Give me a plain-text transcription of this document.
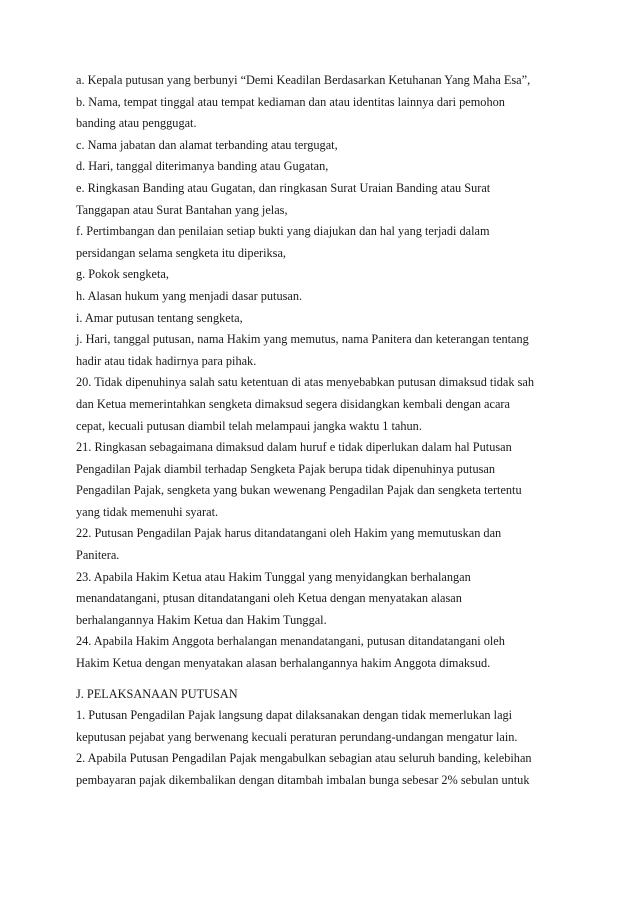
a. Kepala putusan yang berbunyi “Demi Keadilan Berdasarkan Ketuhanan Yang Maha Esa”,
b. Nama, tempat tinggal atau tempat kediaman dan atau identitas lainnya dari pemohon
banding atau penggugat.
c. Nama jabatan dan alamat terbanding atau tergugat,
d. Hari, tanggal diterimanya banding atau Gugatan,
e. Ringkasan Banding atau Gugatan, dan ringkasan Surat Uraian Banding atau Surat
Tanggapan atau Surat Bantahan yang jelas,
f. Pertimbangan dan penilaian setiap bukti yang diajukan dan hal yang terjadi dalam
persidangan selama sengketa itu diperiksa,
g. Pokok sengketa,
h. Alasan hukum yang menjadi dasar putusan.
i. Amar putusan tentang sengketa,
j. Hari, tanggal putusan, nama Hakim yang memutus, nama Panitera dan keterangan tentang
hadir atau tidak hadirnya para pihak.
20. Tidak dipenuhinya salah satu ketentuan di atas menyebabkan putusan dimaksud tidak sah
dan Ketua memerintahkan sengketa dimaksud segera disidangkan kembali dengan acara
cepat, kecuali putusan diambil telah melampaui jangka waktu 1 tahun.
21. Ringkasan sebagaimana dimaksud dalam huruf e tidak diperlukan dalam hal Putusan
Pengadilan Pajak diambil terhadap Sengketa Pajak berupa tidak dipenuhinya putusan
Pengadilan Pajak, sengketa yang bukan wewenang Pengadilan Pajak dan sengketa tertentu
yang tidak memenuhi syarat.
22. Putusan Pengadilan Pajak harus ditandatangani oleh Hakim yang memutuskan dan
Panitera.
23. Apabila Hakim Ketua atau Hakim Tunggal yang menyidangkan berhalangan
menandatangani, ptusan ditandatangani oleh Ketua dengan menyatakan alasan
berhalangannya Hakim Ketua dan Hakim Tunggal.
24. Apabila Hakim Anggota berhalangan menandatangani, putusan ditandatangani oleh
Hakim Ketua dengan menyatakan alasan berhalangannya hakim Anggota dimaksud.
J. PELAKSANAAN PUTUSAN
1. Putusan Pengadilan Pajak langsung dapat dilaksanakan dengan tidak memerlukan lagi
keputusan pejabat yang berwenang kecuali peraturan perundang-undangan mengatur lain.
2. Apabila Putusan Pengadilan Pajak mengabulkan sebagian atau seluruh banding, kelebihan
pembayaran pajak dikembalikan dengan ditambah imbalan bunga sebesar 2% sebulan untuk
